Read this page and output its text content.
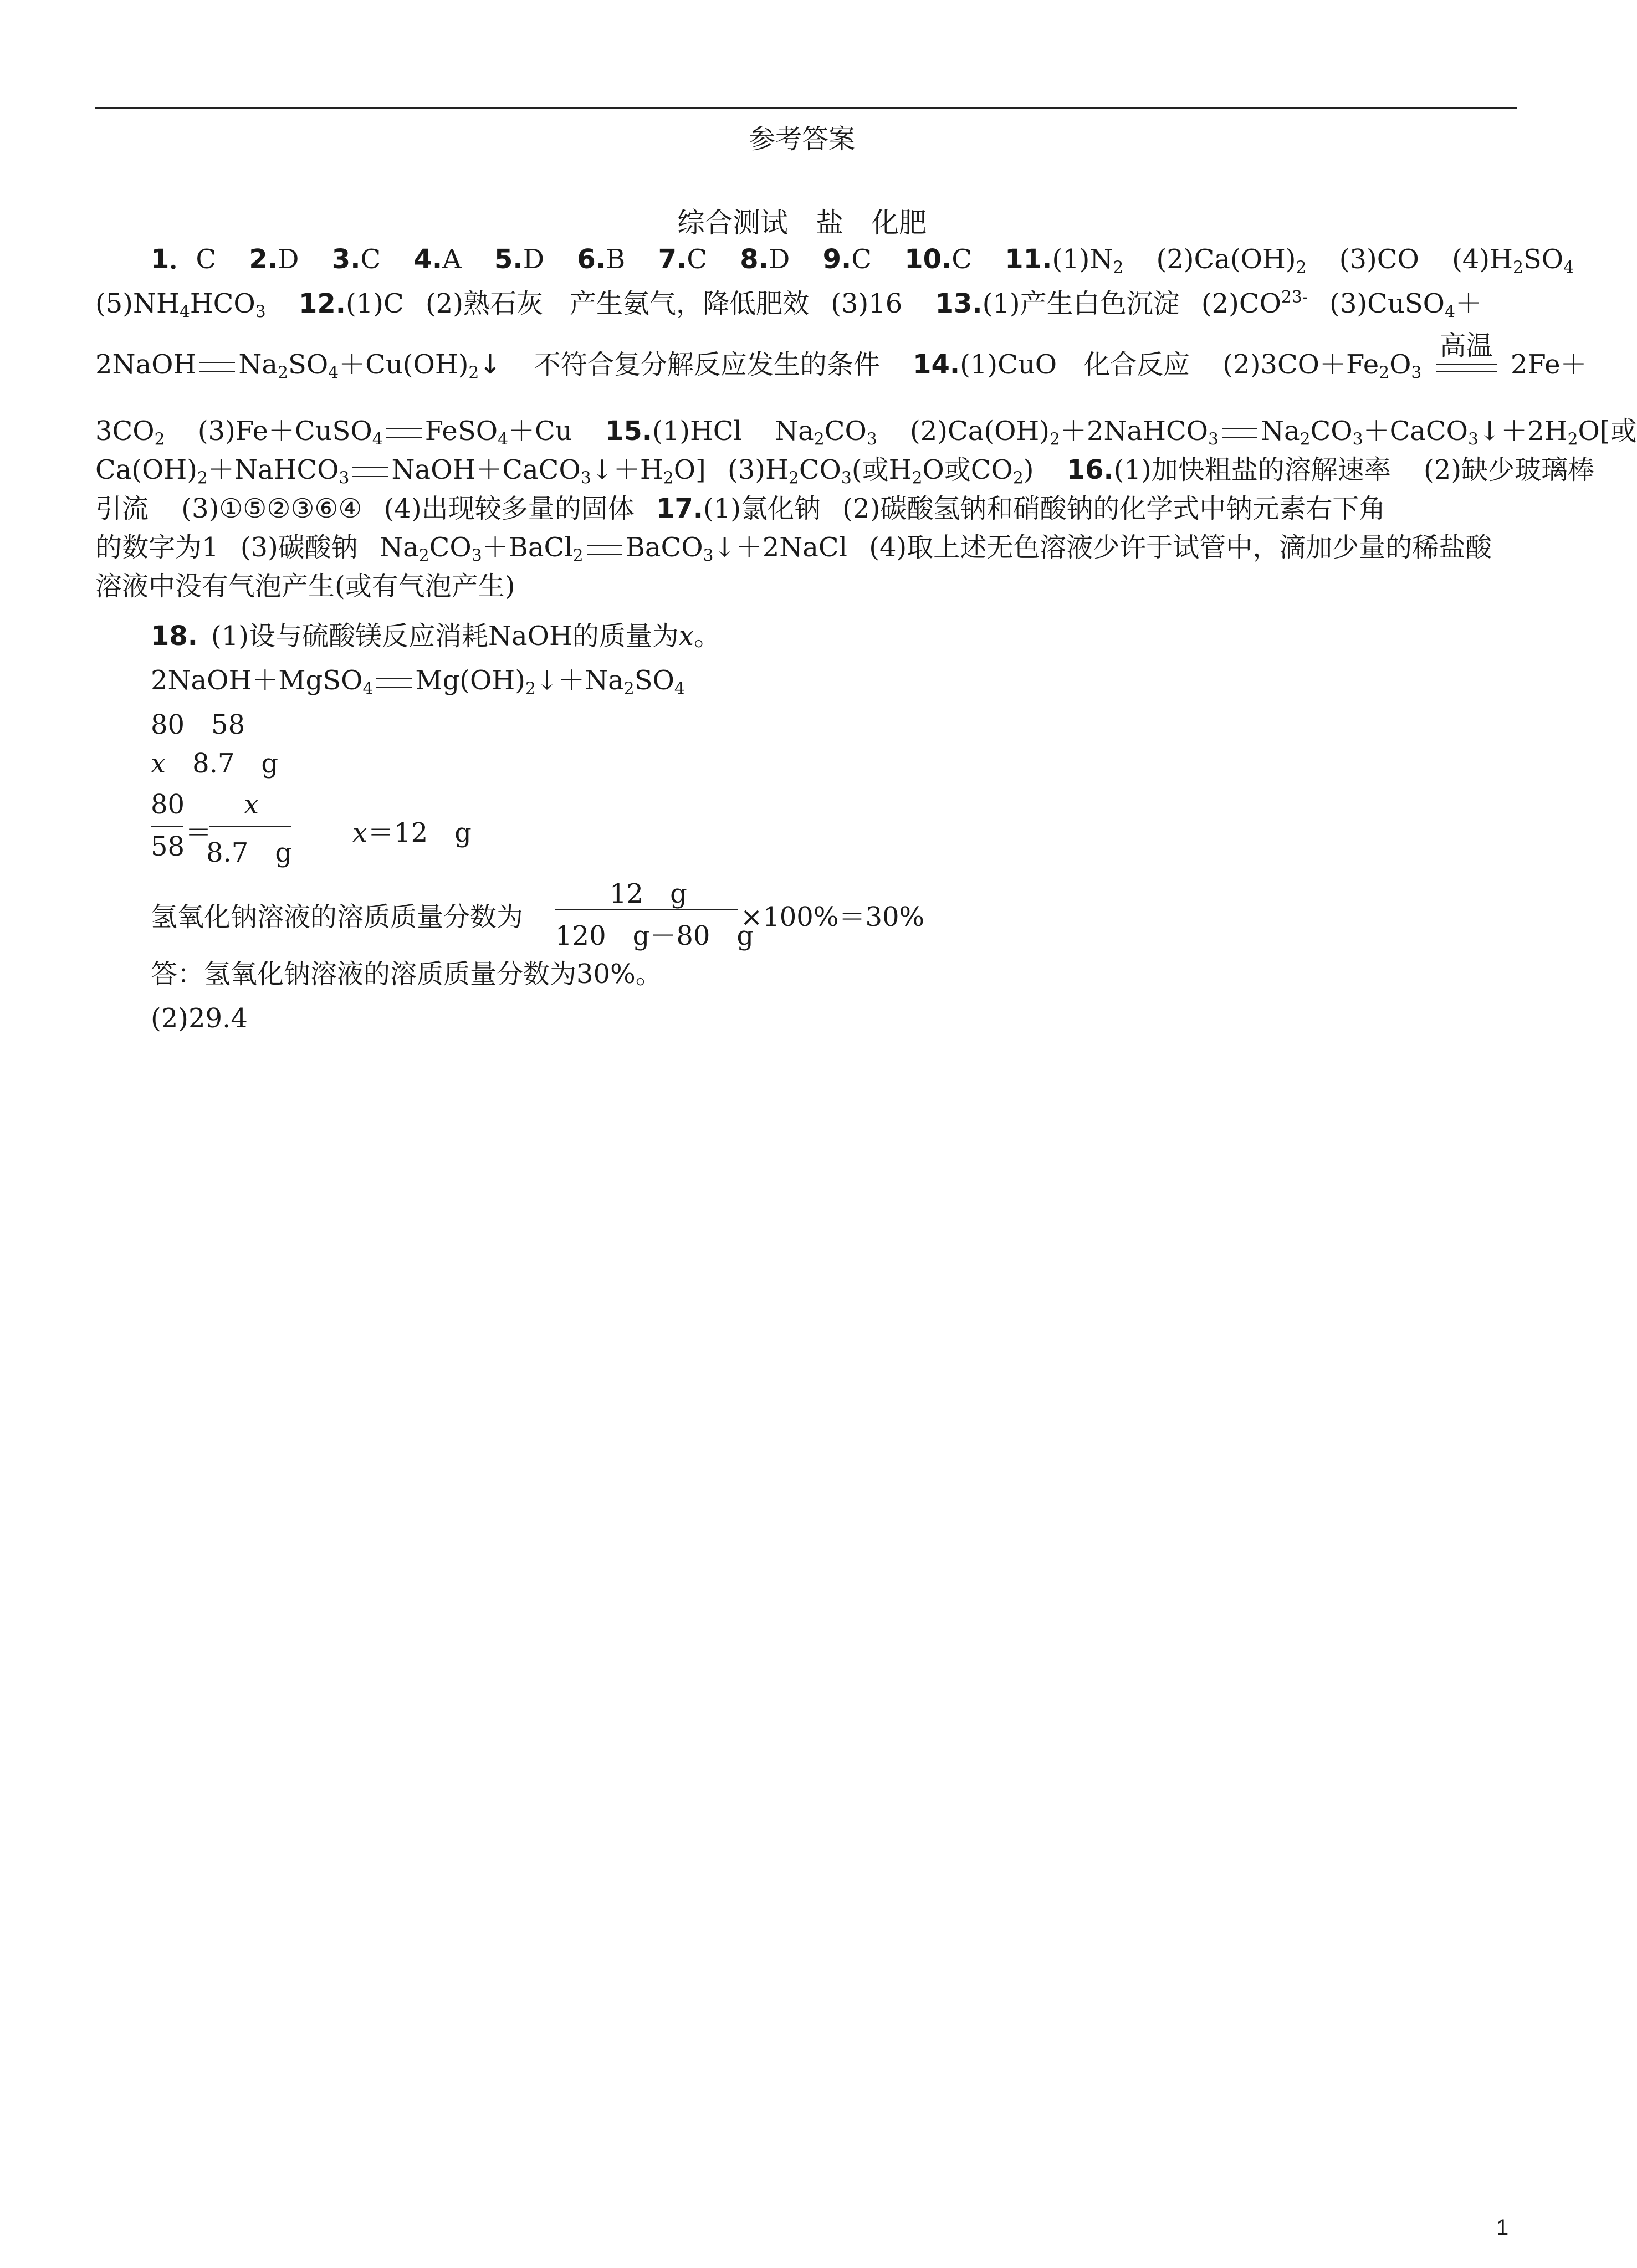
参考答案
综合测试　盐　化肥
1．C 2.D 3.C 4.A 5.D 6.B 7.C 8.D 9.C 10.C $11.(1)N_2$ $(2)Ca(OH)_2$ (3)CO $(4)H_2SO_4$
$(5)NH_4HCO_3$ 12.(1)C (2)熟石灰　产生氨气，降低肥效 (3)16 13.(1)产生白色沉淀 $(2)CO^{23-}$ (3)CuSO$_4$＋
2NaOH $Na_2SO_4+Cu(OH)_2↓$ 不符合复分解反应发生的条件 14.(1)CuO　化合反应 $(2)3CO+Fe_2O_3$
高温
2Fe＋
$3CO_2$ (3)Fe＋CuSO$_4$ FeSO$_4$＋Cu 15.(1)HCl $Na_2CO_3$ $(2)Ca(OH)_2+2NaHCO_3$ $Na_2CO_3+CaCO_3↓+2H_2O$[或
$Ca(OH)_2+NaHCO_3$ $NaOH+CaCO_3↓+H_2O$] $(3)H_2CO_3$(或$H_2O$或$CO_2$) 16.(1)加快粗盐的溶解速率 (2)缺少玻璃棒
引流 (3)①⑤②③⑥④ (4)出现较多量的固体 17.(1)氯化钠 (2)碳酸氢钠和硝酸钠的化学式中钠元素右下角
的数字为1 (3)碳酸钠 $Na_2CO_3+BaCl_2$ BaCO$_3$↓＋2NaCl (4)取上述无色溶液少许于试管中，滴加少量的稀盐酸
溶液中没有气泡产生(或有气泡产生)
18. (1)设与硫酸镁反应消耗NaOH的质量为x。
2NaOH＋MgSO$_4$ $Mg(OH)_2↓+Na_2SO_4$
80　58
x　8.7　g
80
58 ＝
x
8.7　g
x＝12　g
氢氧化钠溶液的溶质质量分数为
12　g
120　g－80　g
×100%＝30%
答：氢氧化钠溶液的溶质质量分数为30%。
(2)29.4
1
